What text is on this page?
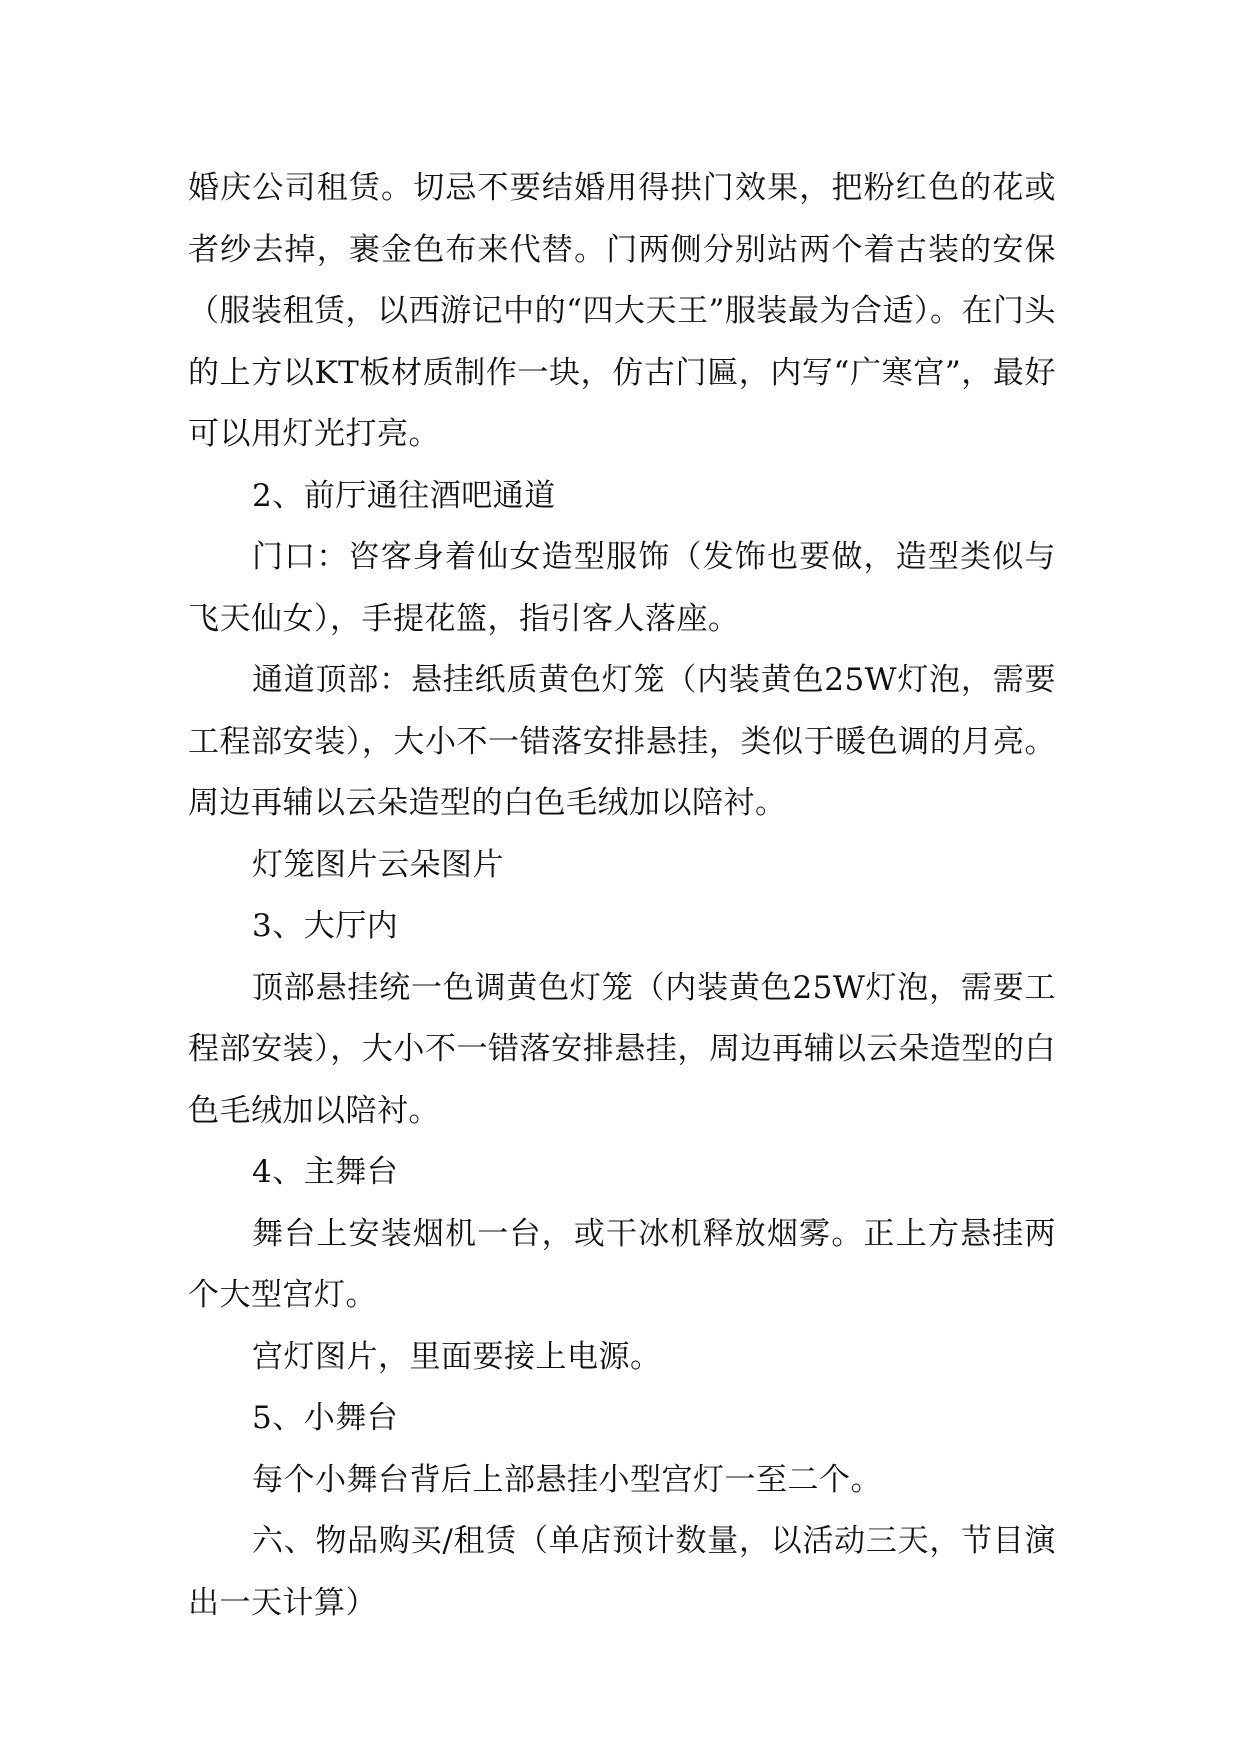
婚庆公司租赁。切忌不要结婚用得拱门效果，把粉红色的花或者纱去掉，裹金色布来代替。门两侧分别站两个着古装的安保（服装租赁，以西游记中的“四大天王”服装最为合适）。在门头的上方以KT板材质制作一块，仿古门匾，内写“广寒宫”，最好可以用灯光打亮。

2、前厅通往酒吧通道

门口：咨客身着仙女造型服饰（发饰也要做，造型类似与飞天仙女），手提花篮，指引客人落座。

通道顶部：悬挂纸质黄色灯笼（内装黄色25W灯泡，需要工程部安装），大小不一错落安排悬挂，类似于暖色调的月亮。周边再辅以云朵造型的白色毛绒加以陪衬。

灯笼图片云朵图片

3、大厅内

顶部悬挂统一色调黄色灯笼（内装黄色25W灯泡，需要工程部安装），大小不一错落安排悬挂，周边再辅以云朵造型的白色毛绒加以陪衬。

4、主舞台

舞台上安装烟机一台，或干冰机释放烟雾。正上方悬挂两个大型宫灯。

宫灯图片，里面要接上电源。

5、小舞台

每个小舞台背后上部悬挂小型宫灯一至二个。

六、物品购买/租赁（单店预计数量，以活动三天，节目演出一天计算）
